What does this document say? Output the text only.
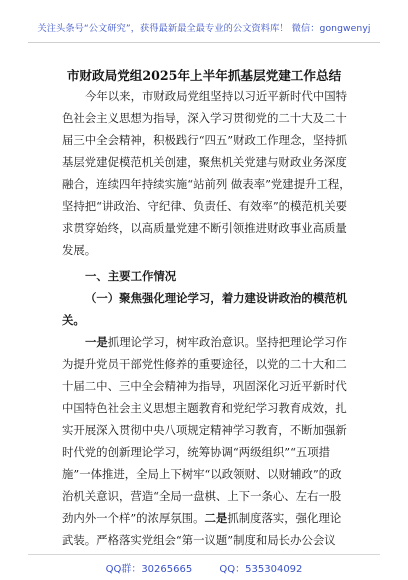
关注头条号“公文研究”，获得最新最全最专业的公文资料库！ 微信：gongwenyj
市财政局党组2025年上半年抓基层党建工作总结

今年以来，市财政局党组坚持以习近平新时代中国特色社会主义思想为指导，深入学习贯彻党的二十大及二十届三中全会精神，积极践行“四五”财政工作理念，坚持抓基层党建促模范机关创建，聚焦机关党建与财政业务深度融合，连续四年持续实施“站前列 做表率”党建提升工程，坚持把“讲政治、守纪律、负责任、有效率”的模范机关要求贯穿始终，以高质量党建不断引领推进财政事业高质量发展。

一、主要工作情况

（一）聚焦强化理论学习，着力建设讲政治的模范机关。

一是抓理论学习，树牢政治意识。坚持把理论学习作为提升党员干部党性修养的重要途径，以党的二十大和二十届二中、三中全会精神为指导，巩固深化习近平新时代中国特色社会主义思想主题教育和党纪学习教育成效，扎实开展深入贯彻中央八项规定精神学习教育，不断加强新时代党的创新理论学习，统筹协调“两级组织”“五项措施”一体推进，全局上下树牢“以政领财、以财辅政”的政治机关意识，营造“全局一盘棋、上下一条心、左右一股劲内外一个样”的浓厚氛围。二是抓制度落实，强化理论武装。严格落实党组会“第一议题”制度和局长办公会议

QQ群：30265665	QQ：535304092
